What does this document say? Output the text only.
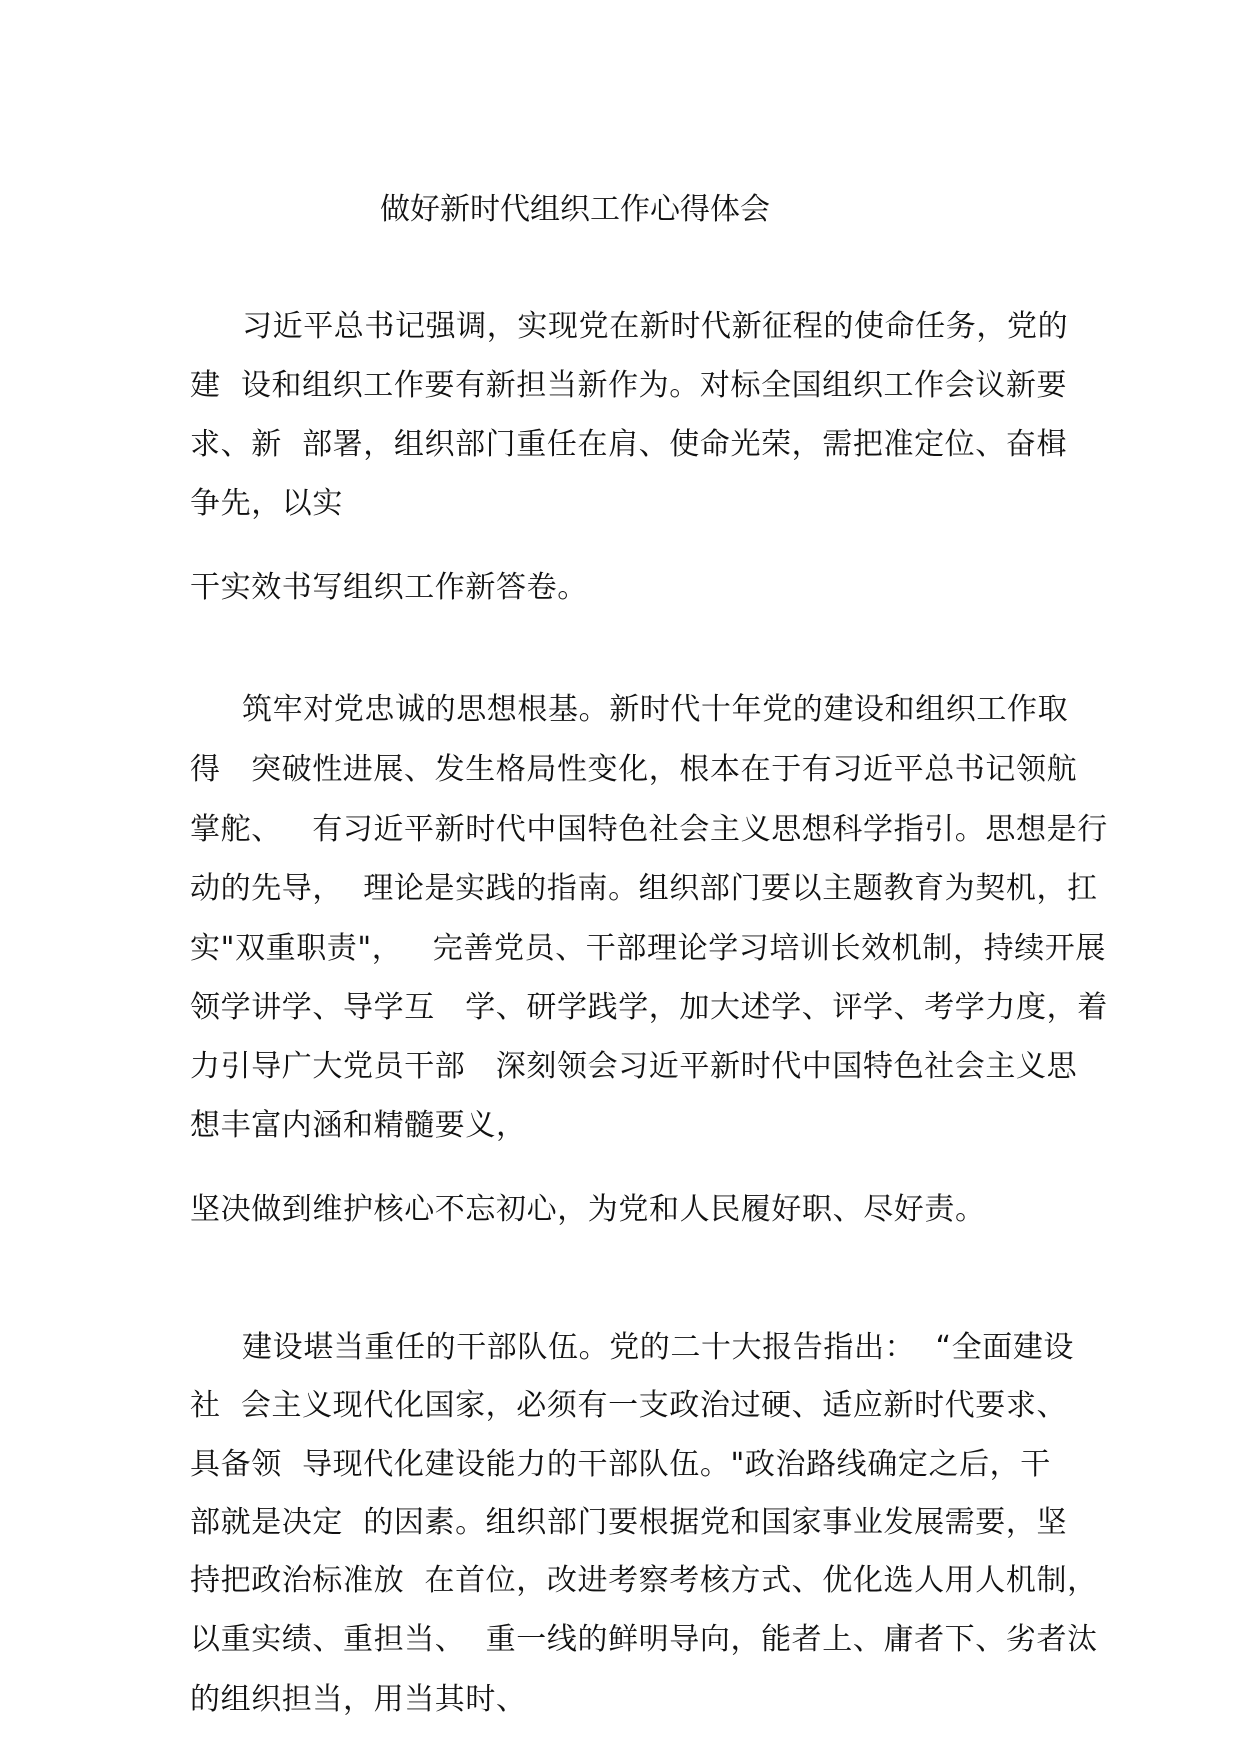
做好新时代组织工作心得体会
习近平总书记强调，实现党在新时代新征程的使命任务，党的
建  设和组织工作要有新担当新作为。对标全国组织工作会议新要
求、新  部署，组织部门重任在肩、使命光荣，需把准定位、奋楫
争先，以实
干实效书写组织工作新答卷。
筑牢对党忠诚的思想根基。新时代十年党的建设和组织工作取
得   突破性进展、发生格局性变化，根本在于有习近平总书记领航
掌舵、   有习近平新时代中国特色社会主义思想科学指引。思想是行
动的先导，  理论是实践的指南。组织部门要以主题教育为契机，扛
实"双重职责"，   完善党员、干部理论学习培训长效机制，持续开展
领学讲学、导学互   学、研学践学，加大述学、评学、考学力度，着
力引导广大党员干部   深刻领会习近平新时代中国特色社会主义思
想丰富内涵和精髓要义，
坚决做到维护核心不忘初心，为党和人民履好职、尽好责。
建设堪当重任的干部队伍。党的二十大报告指出：  “全面建设
社  会主义现代化国家，必须有一支政治过硬、适应新时代要求、
具备领  导现代化建设能力的干部队伍。"政治路线确定之后，干
部就是决定  的因素。组织部门要根据党和国家事业发展需要，坚
持把政治标准放  在首位，改进考察考核方式、优化选人用人机制，
以重实绩、重担当、  重一线的鲜明导向，能者上、庸者下、劣者汰
的组织担当，用当其时、
